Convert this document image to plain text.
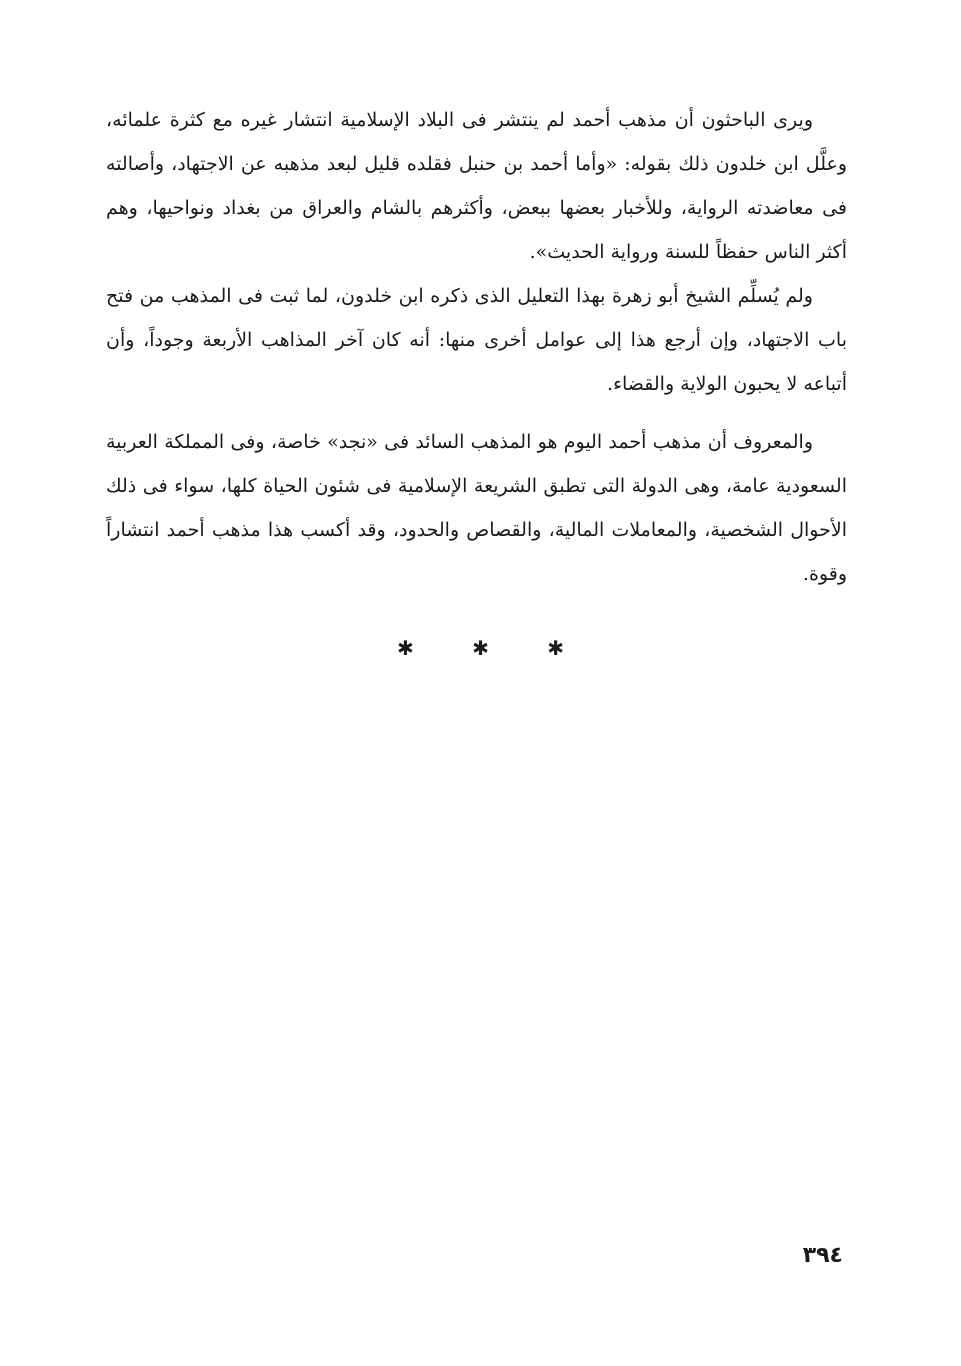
ويرى الباحثون أن مذهب أحمد لم ينتشر فى البلاد الإسلامية انتشار غيره مع كثرة علمائه، وعلَّل ابن خلدون ذلك بقوله: «وأما أحمد بن حنبل فقلده قليل لبعد مذهبه عن الاجتهاد، وأصالته فى معاضدته الرواية، وللأخبار بعضها ببعض، وأكثرهم بالشام والعراق من بغداد ونواحيها، وهم أكثر الناس حفظاً للسنة ورواية الحديث».

ولم يُسلِّم الشيخ أبو زهرة بهذا التعليل الذى ذكره ابن خلدون، لما ثبت فى المذهب من فتح باب الاجتهاد، وإن أرجع هذا إلى عوامل أخرى منها: أنه كان آخر المذاهب الأربعة وجوداً، وأن أتباعه لا يحبون الولاية والقضاء.

والمعروف أن مذهب أحمد اليوم هو المذهب السائد فى «نجد» خاصة، وفى المملكة العربية السعودية عامة، وهى الدولة التى تطبق الشريعة الإسلامية فى شئون الحياة كلها، سواء فى ذلك الأحوال الشخصية، والمعاملات المالية، والقصاص والحدود، وقد أكسب هذا مذهب أحمد انتشاراً وقوة.

✱ ✱ ✱
٣٩٤
